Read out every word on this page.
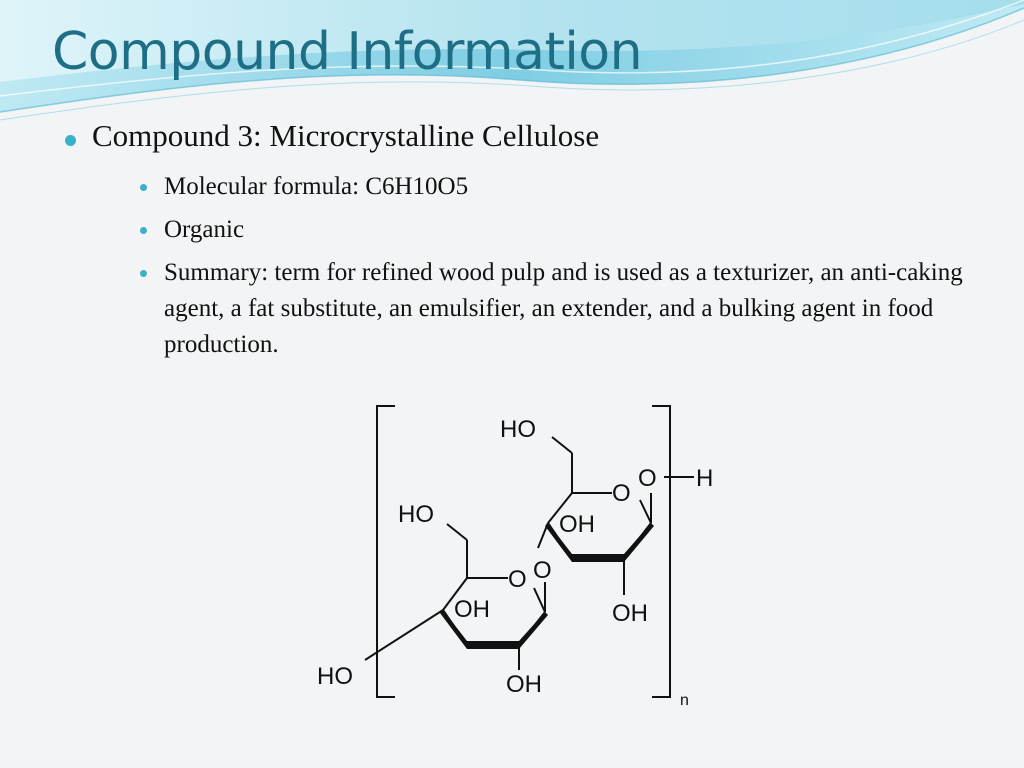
Compound Information
Compound 3: Microcrystalline Cellulose
Molecular formula: C6H10O5
Organic
Summary: term for refined wood pulp and is used as a texturizer, an anti-caking agent, a fat substitute, an emulsifier, an extender, and a bulking agent in food production.
HO
O
O H
HO	OH
O
O
OH	OH
HO	OH
n
